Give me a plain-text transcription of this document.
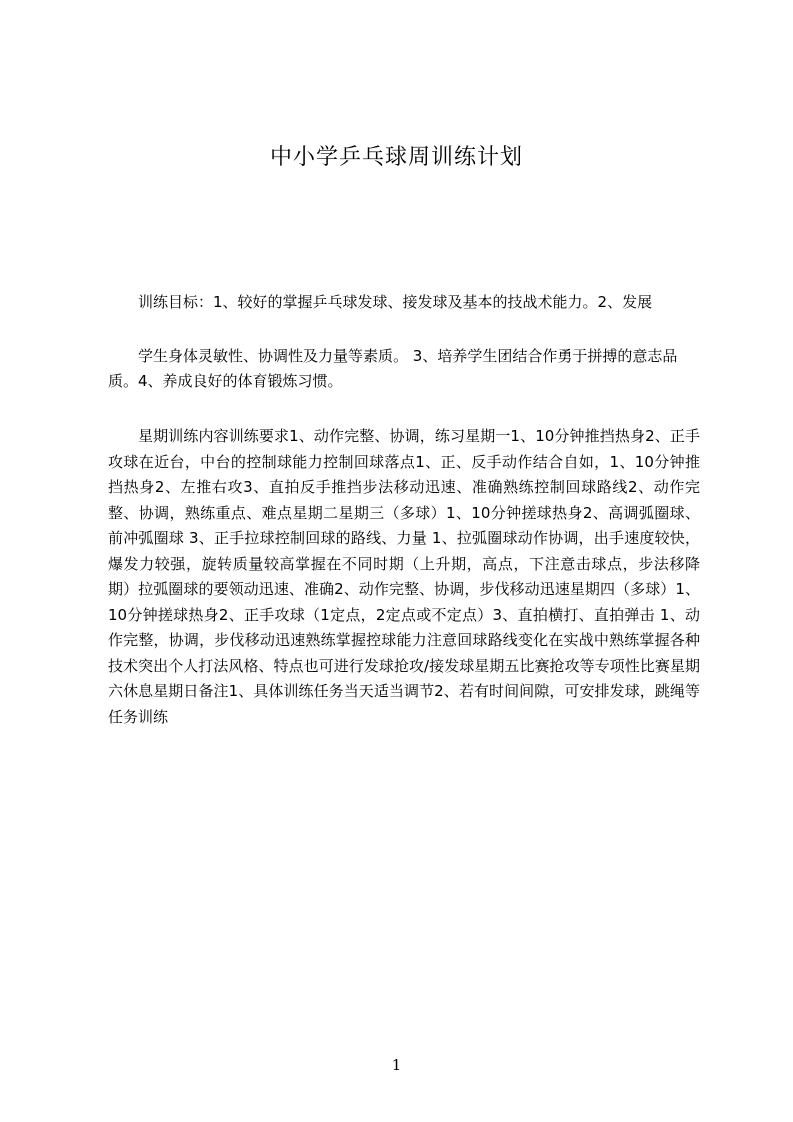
中小学乒乓球周训练计划

训练目标：1、较好的掌握乒乓球发球、接发球及基本的技战术能力。2、发展

学生身体灵敏性、协调性及力量等素质。 3、培养学生团结合作勇于拼搏的意志品质。4、养成良好的体育锻炼习惯。

星期训练内容训练要求1、动作完整、协调，练习星期一1、10分钟推挡热身2、正手攻球在近台，中台的控制球能力控制回球落点1、正、反手动作结合自如，1、10分钟推挡热身2、左推右攻3、直拍反手推挡步法移动迅速、准确熟练控制回球路线2、动作完整、协调，熟练重点、难点星期二星期三（多球）1、10分钟搓球热身2、高调弧圈球、前冲弧圈球 3、正手拉球控制回球的路线、力量 1、拉弧圈球动作协调，出手速度较快，爆发力较强，旋转质量较高掌握在不同时期（上升期，高点，下注意击球点，步法移降期）拉弧圈球的要领动迅速、准确2、动作完整、协调，步伐移动迅速星期四（多球）1、10分钟搓球热身2、正手攻球（1定点，2定点或不定点）3、直拍横打、直拍弹击 1、动作完整，协调，步伐移动迅速熟练掌握控球能力注意回球路线变化在实战中熟练掌握各种技术突出个人打法风格、特点也可进行发球抢攻/接发球星期五比赛抢攻等专项性比赛星期六休息星期日备注1、具体训练任务当天适当调节2、若有时间间隙，可安排发球，跳绳等任务训练

1
